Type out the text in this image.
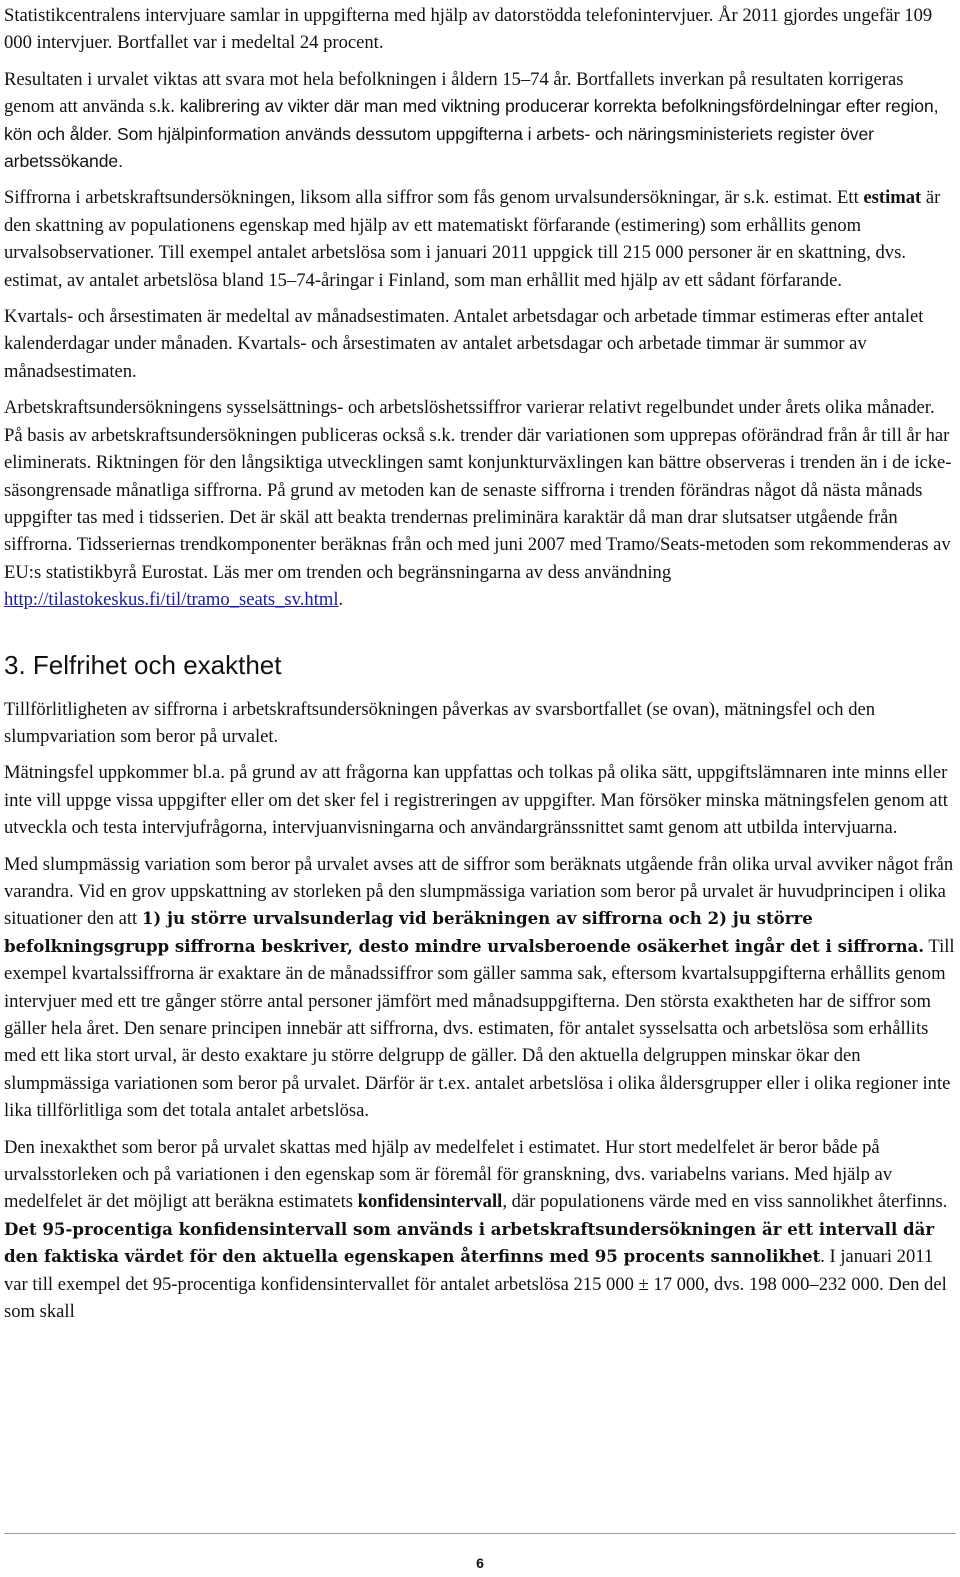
Statistikcentralens intervjuare samlar in uppgifterna med hjälp av datorstödda telefonintervjuer. År 2011 gjordes ungefär 109 000 intervjuer. Bortfallet var i medeltal 24 procent.

Resultaten i urvalet viktas att svara mot hela befolkningen i åldern 15–74 år. Bortfallets inverkan på resultaten korrigeras genom att använda s.k. kalibrering av vikter där man med viktning producerar korrekta befolkningsfördelningar efter region, kön och ålder. Som hjälpinformation används dessutom uppgifterna i arbets- och näringsministeriets register över arbetssökande.

Siffrorna i arbetskraftsundersökningen, liksom alla siffror som fås genom urvalsundersökningar, är s.k. estimat. Ett estimat är den skattning av populationens egenskap med hjälp av ett matematiskt förfarande (estimering) som erhållits genom urvalsobservationer. Till exempel antalet arbetslösa som i januari 2011 uppgick till 215 000 personer är en skattning, dvs. estimat, av antalet arbetslösa bland 15–74-åringar i Finland, som man erhållit med hjälp av ett sådant förfarande.

Kvartals- och årsestimaten är medeltal av månadsestimaten. Antalet arbetsdagar och arbetade timmar estimeras efter antalet kalenderdagar under månaden. Kvartals- och årsestimaten av antalet arbetsdagar och arbetade timmar är summor av månadsestimaten.

Arbetskraftsundersökningens sysselsättnings- och arbetslöshetssiffror varierar relativt regelbundet under årets olika månader. På basis av arbetskraftsundersökningen publiceras också s.k. trender där variationen som upprepas oförändrad från år till år har eliminerats. Riktningen för den långsiktiga utvecklingen samt konjunkturväxlingen kan bättre observeras i trenden än i de icke-säsongrensade månatliga siffrorna. På grund av metoden kan de senaste siffrorna i trenden förändras något då nästa månads uppgifter tas med i tidsserien. Det är skäl att beakta trendernas preliminära karaktär då man drar slutsatser utgående från siffrorna. Tidsseriernas trendkomponenter beräknas från och med juni 2007 med Tramo/Seats-metoden som rekommenderas av EU:s statistikbyrå Eurostat. Läs mer om trenden och begränsningarna av dess användning http://tilastokeskus.fi/til/tramo_seats_sv.html.

3. Felfrihet och exakthet

Tillförlitligheten av siffrorna i arbetskraftsundersökningen påverkas av svarsbortfallet (se ovan), mätningsfel och den slumpvariation som beror på urvalet.

Mätningsfel uppkommer bl.a. på grund av att frågorna kan uppfattas och tolkas på olika sätt, uppgiftslämnaren inte minns eller inte vill uppge vissa uppgifter eller om det sker fel i registreringen av uppgifter. Man försöker minska mätningsfelen genom att utveckla och testa intervjufrågorna, intervjuanvisningarna och användargränssnittet samt genom att utbilda intervjuarna.

Med slumpmässig variation som beror på urvalet avses att de siffror som beräknats utgående från olika urval avviker något från varandra. Vid en grov uppskattning av storleken på den slumpmässiga variation som beror på urvalet är huvudprincipen i olika situationer den att 1) ju större urvalsunderlag vid beräkningen av siffrorna och 2) ju större befolkningsgrupp siffrorna beskriver, desto mindre urvalsberoende osäkerhet ingår det i siffrorna. Till exempel kvartalssiffrorna är exaktare än de månadssiffror som gäller samma sak, eftersom kvartalsuppgifterna erhållits genom intervjuer med ett tre gånger större antal personer jämfört med månadsuppgifterna. Den största exaktheten har de siffror som gäller hela året. Den senare principen innebär att siffrorna, dvs. estimaten, för antalet sysselsatta och arbetslösa som erhållits med ett lika stort urval, är desto exaktare ju större delgrupp de gäller. Då den aktuella delgruppen minskar ökar den slumpmässiga variationen som beror på urvalet. Därför är t.ex. antalet arbetslösa i olika åldersgrupper eller i olika regioner inte lika tillförlitliga som det totala antalet arbetslösa.

Den inexakthet som beror på urvalet skattas med hjälp av medelfelet i estimatet. Hur stort medelfelet är beror både på urvalsstorleken och på variationen i den egenskap som är föremål för granskning, dvs. variabelns varians. Med hjälp av medelfelet är det möjligt att beräkna estimatets konfidensintervall, där populationens värde med en viss sannolikhet återfinns. Det 95-procentiga konfidensintervall som används i arbetskraftsundersökningen är ett intervall där den faktiska värdet för den aktuella egenskapen återfinns med 95 procents sannolikhet. I januari 2011 var till exempel det 95-procentiga konfidensintervallet för antalet arbetslösa 215 000 ± 17 000, dvs. 198 000–232 000. Den del som skall

6
